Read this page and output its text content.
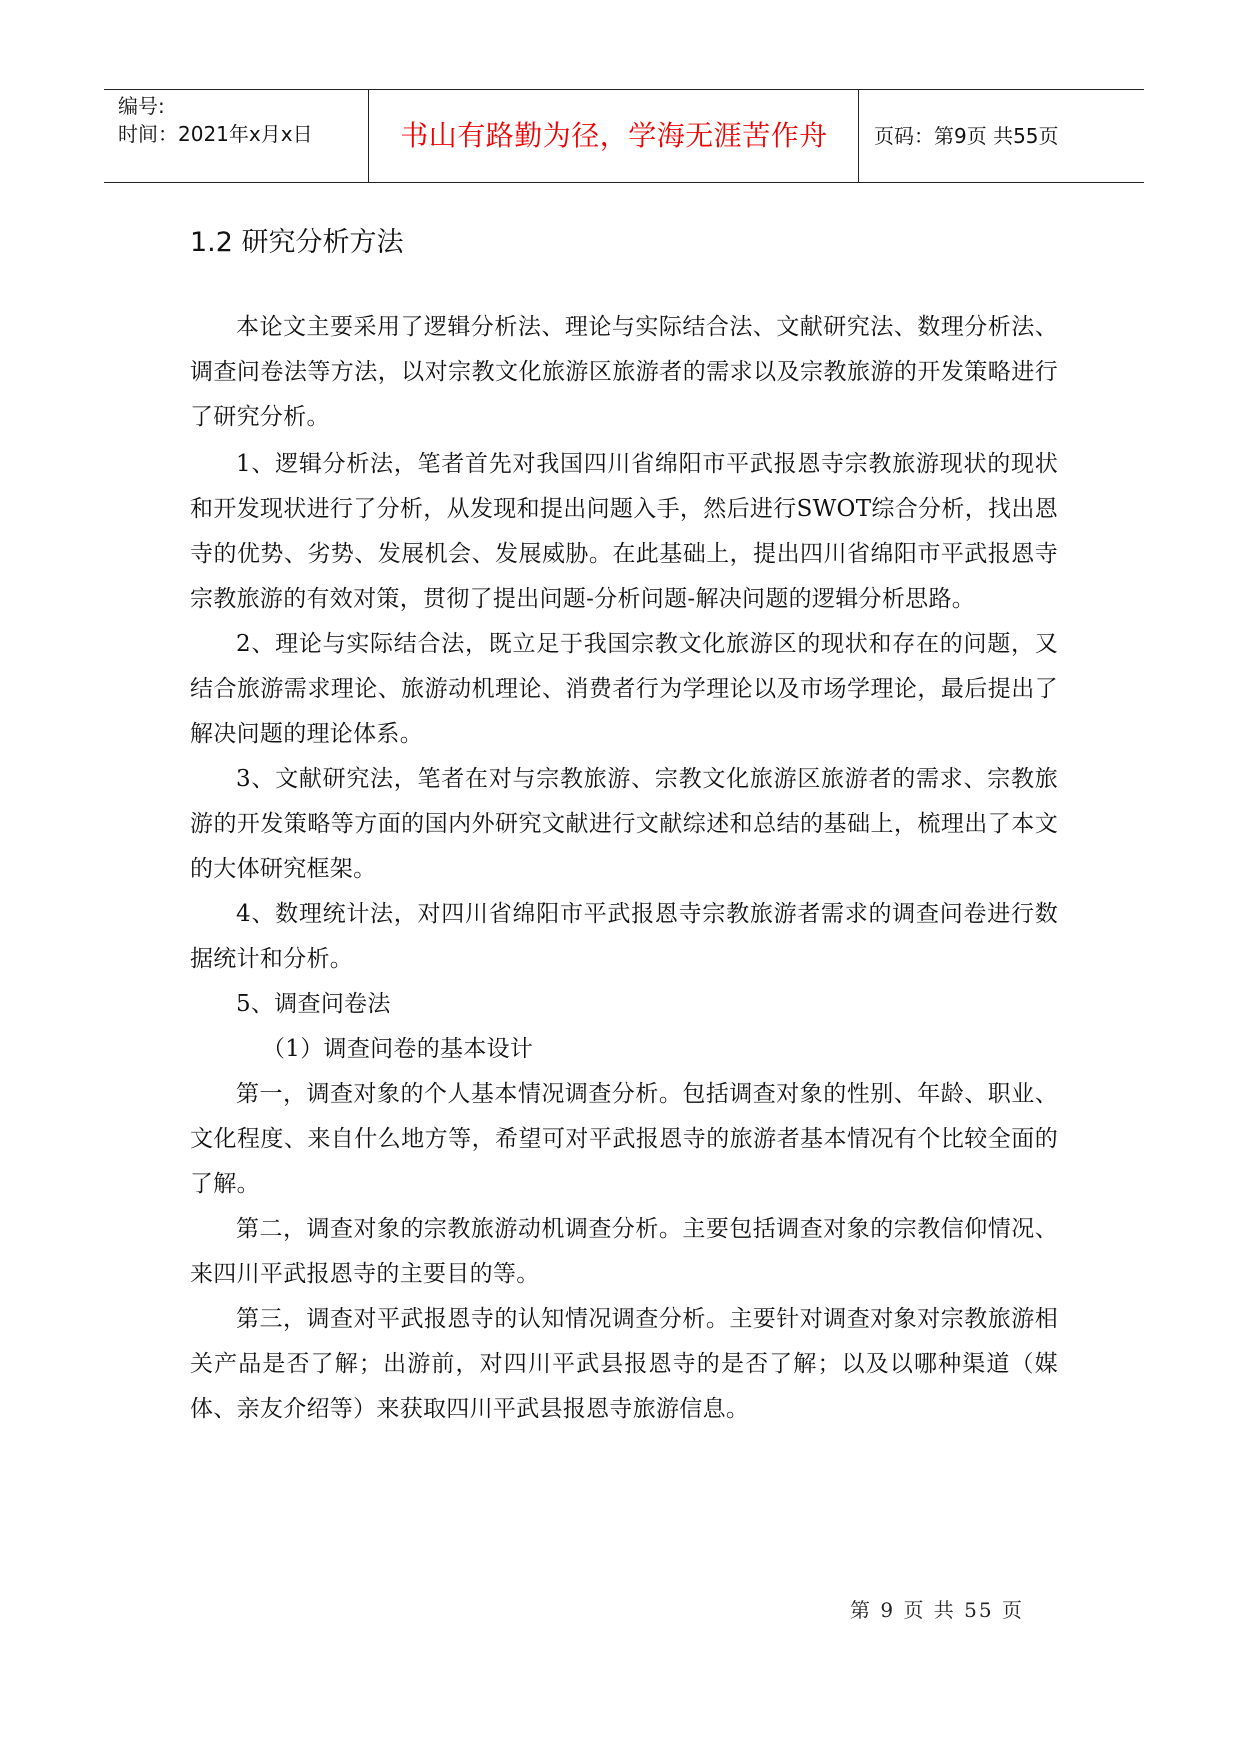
编号:
时间：2021年x月x日	书山有路勤为径，学海无涯苦作舟	页码：第9页 共55页
1.2 研究分析方法

本论文主要采用了逻辑分析法、理论与实际结合法、文献研究法、数理分析法、调查问卷法等方法，以对宗教文化旅游区旅游者的需求以及宗教旅游的开发策略进行了研究分析。

1、逻辑分析法，笔者首先对我国四川省绵阳市平武报恩寺宗教旅游现状的现状和开发现状进行了分析，从发现和提出问题入手，然后进行SWOT综合分析，找出恩寺的优势、劣势、发展机会、发展威胁。在此基础上，提出四川省绵阳市平武报恩寺宗教旅游的有效对策，贯彻了提出问题-分析问题-解决问题的逻辑分析思路。

2、理论与实际结合法，既立足于我国宗教文化旅游区的现状和存在的问题，又结合旅游需求理论、旅游动机理论、消费者行为学理论以及市场学理论，最后提出了解决问题的理论体系。

3、文献研究法，笔者在对与宗教旅游、宗教文化旅游区旅游者的需求、宗教旅游的开发策略等方面的国内外研究文献进行文献综述和总结的基础上，梳理出了本文的大体研究框架。

4、数理统计法，对四川省绵阳市平武报恩寺宗教旅游者需求的调查问卷进行数据统计和分析。

5、调查问卷法

（1）调查问卷的基本设计

第一，调查对象的个人基本情况调查分析。包括调查对象的性别、年龄、职业、文化程度、来自什么地方等，希望可对平武报恩寺的旅游者基本情况有个比较全面的了解。

第二，调查对象的宗教旅游动机调查分析。主要包括调查对象的宗教信仰情况、来四川平武报恩寺的主要目的等。

第三，调查对平武报恩寺的认知情况调查分析。主要针对调查对象对宗教旅游相关产品是否了解；出游前，对四川平武县报恩寺的是否了解；以及以哪种渠道（媒体、亲友介绍等）来获取四川平武县报恩寺旅游信息。

第 9 页 共 55 页
